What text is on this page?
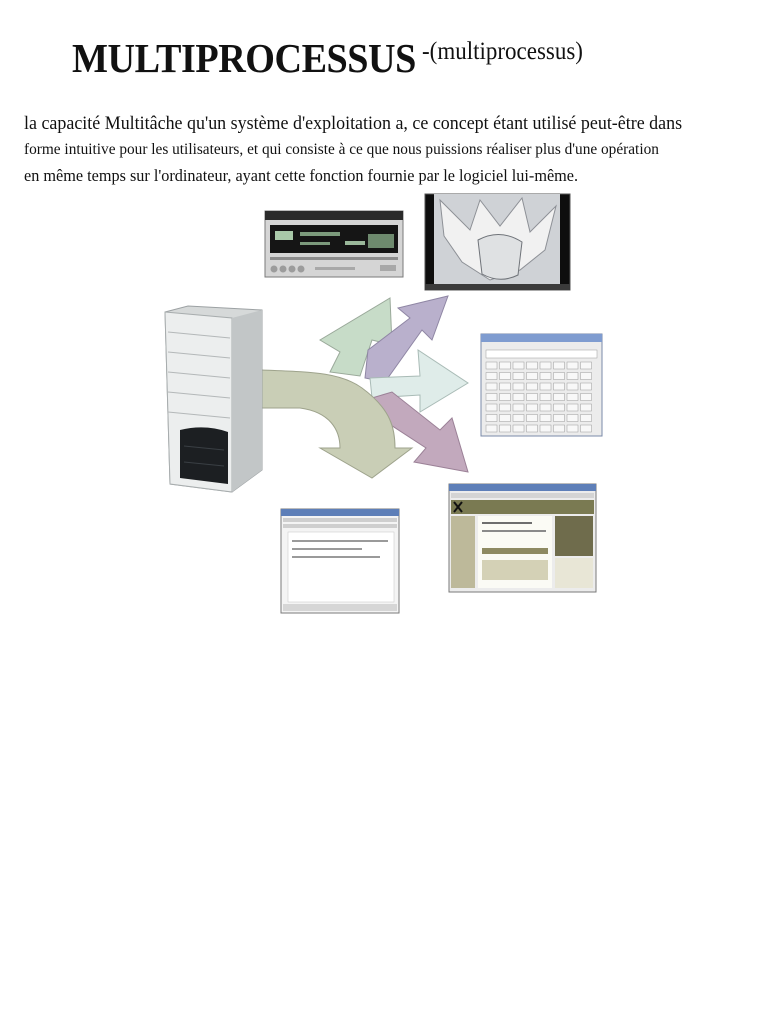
MULTIPROCESSUS -(multiprocessus)
la capacité Multitâche qu'un système d'exploitation a, ce concept étant utilisé peut-être dans
forme intuitive pour les utilisateurs, et qui consiste à ce que nous puissions réaliser plus d'une opération
en même temps sur l'ordinateur, ayant cette fonction fournie par le logiciel lui-même.
